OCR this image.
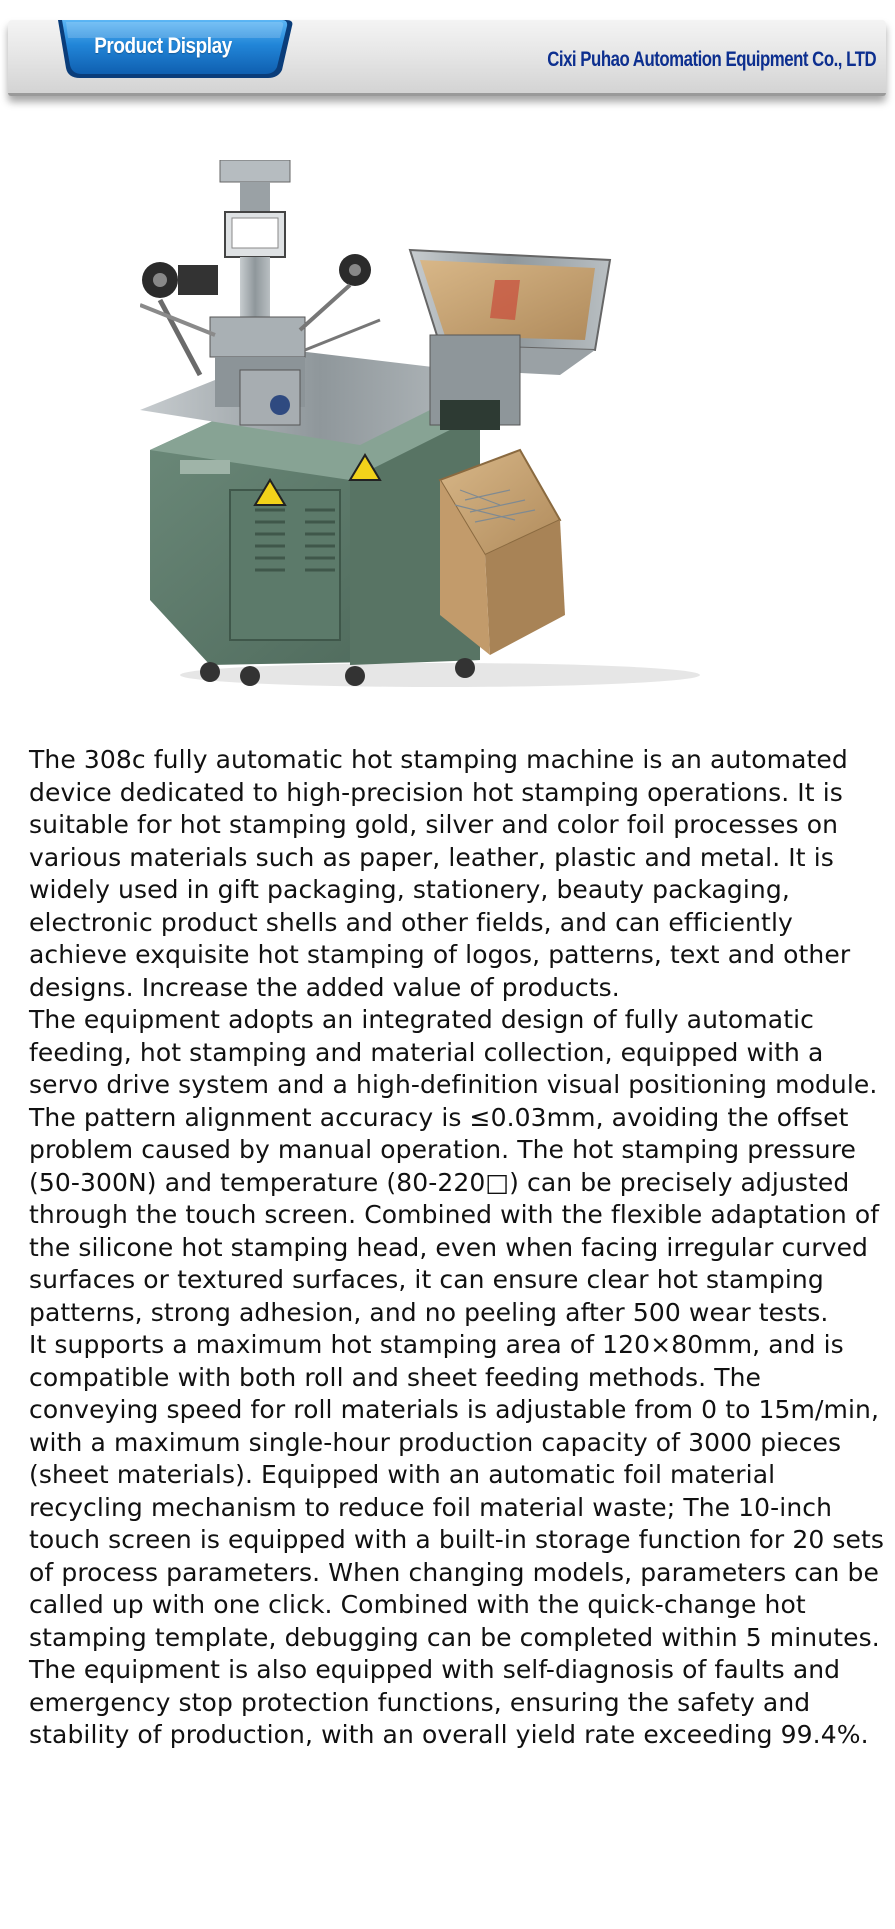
Product Display
Cixi Puhao Automation Equipment Co., LTD

The 308c fully automatic hot stamping machine is an automated device dedicated to high-precision hot stamping operations. It is suitable for hot stamping gold, silver and color foil processes on various materials such as paper, leather, plastic and metal. It is widely used in gift packaging, stationery, beauty packaging, electronic product shells and other fields, and can efficiently achieve exquisite hot stamping of logos, patterns, text and other designs. Increase the added value of products.

The equipment adopts an integrated design of fully automatic feeding, hot stamping and material collection, equipped with a servo drive system and a high-definition visual positioning module. The pattern alignment accuracy is ≤0.03mm, avoiding the offset problem caused by manual operation. The hot stamping pressure (50-300N) and temperature (80-220□) can be precisely adjusted through the touch screen. Combined with the flexible adaptation of the silicone hot stamping head, even when facing irregular curved surfaces or textured surfaces, it can ensure clear hot stamping patterns, strong adhesion, and no peeling after 500 wear tests.

It supports a maximum hot stamping area of 120×80mm, and is compatible with both roll and sheet feeding methods. The conveying speed for roll materials is adjustable from 0 to 15m/min, with a maximum single-hour production capacity of 3000 pieces (sheet materials). Equipped with an automatic foil material recycling mechanism to reduce foil material waste; The 10-inch touch screen is equipped with a built-in storage function for 20 sets of process parameters. When changing models, parameters can be called up with one click. Combined with the quick-change hot stamping template, debugging can be completed within 5 minutes. The equipment is also equipped with self-diagnosis of faults and emergency stop protection functions, ensuring the safety and stability of production, with an overall yield rate exceeding 99.4%.
